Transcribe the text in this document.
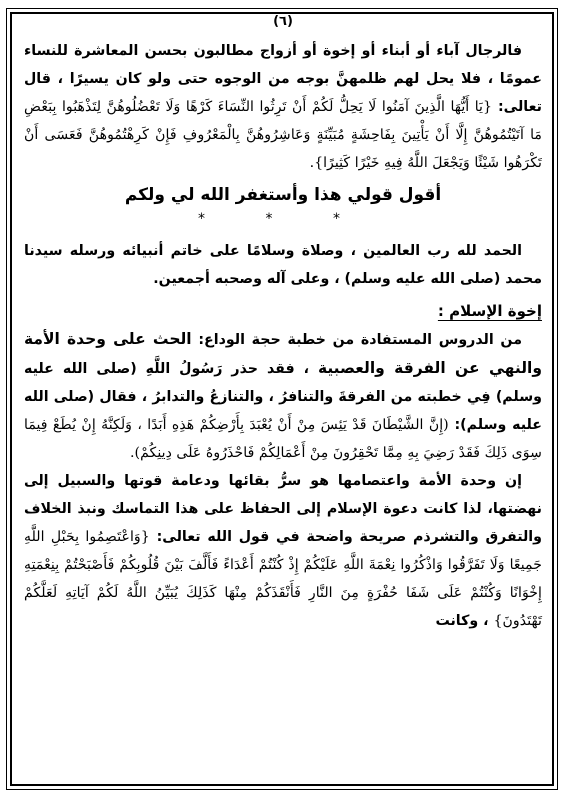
(٦)

فالرجال آباء أو أبناء أو إخوة أو أزواج مطالبون بحسن المعاشرة للنساء عمومًا ، فلا يحل لهم ظلمهنَّ بوجه من الوجوه حتى ولو كان يسيرًا ، قال تعالى: {يَا أَيُّهَا الَّذِينَ آمَنُوا لَا يَحِلُّ لَكُمْ أَنْ تَرِثُوا النِّسَاءَ كَرْهًا وَلَا تَعْضُلُوهُنَّ لِتَذْهَبُوا بِبَعْضِ مَا آتَيْتُمُوهُنَّ إِلَّا أَنْ يَأْتِينَ بِفَاحِشَةٍ مُبَيِّنَةٍ وَعَاشِرُوهُنَّ بِالْمَعْرُوفِ فَإِنْ كَرِهْتُمُوهُنَّ فَعَسَى أَنْ تَكْرَهُوا شَيْئًا وَيَجْعَلَ اللَّهُ فِيهِ خَيْرًا كَثِيرًا}.

أقول قولي هذا وأستغفر الله لي ولكم
* * *

الحمد لله رب العالمين ، وصلاة وسلامًا على خاتم أنبيائه ورسله سيدنا محمد (صلى الله عليه وسلم) ، وعلى آله وصحبه أجمعين.

إخوة الإسلام :

من الدروس المستفادة من خطبة حجة الوداع: الحث على وحدة الأمة والنهي عن الفرقة والعصبية ، فقد حذر رَسُولُ اللَّهِ (صلى الله عليه وسلم) فِي خطبته من الفرقةَ والتنافرُ ، والتنازعُ والتدابرُ ، فقال (صلى الله عليه وسلم): (إِنَّ الشَّيْطَانَ قَدْ يَئِسَ مِنْ أَنْ يُعْبَدَ بِأَرْضِكُمْ هَذِهِ أَبَدًا ، وَلَكِنَّهُ إِنْ يُطَعْ فِيمَا سِوَى ذَلِكَ فَقَدْ رَضِيَ بِهِ مِمَّا تَحْقِرُونَ مِنْ أَعْمَالِكُمْ فَاحْذَرُوهُ عَلَى دِينِكُمْ).

إن وحدة الأمة واعتصامها هو سرُّ بقائها ودعامة قوتها والسبيل إلى نهضتها، لذا كانت دعوة الإسلام إلى الحفاظ على هذا التماسك ونبذ الخلاف والتفرق والتشرذم صريحة واضحة في قول الله تعالى: {وَاعْتَصِمُوا بِحَبْلِ اللَّهِ جَمِيعًا وَلَا تَفَرَّقُوا وَاذْكُرُوا نِعْمَةَ اللَّهِ عَلَيْكُمْ إِذْ كُنْتُمْ أَعْدَاءً فَأَلَّفَ بَيْنَ قُلُوبِكُمْ فَأَصْبَحْتُمْ بِنِعْمَتِهِ إِخْوَانًا وَكُنْتُمْ عَلَى شَفَا حُفْرَةٍ مِنَ النَّارِ فَأَنْقَذَكُمْ مِنْهَا كَذَلِكَ يُبَيِّنُ اللَّهُ لَكُمْ آيَاتِهِ لَعَلَّكُمْ تَهْتَدُونَ} ، وكانت
